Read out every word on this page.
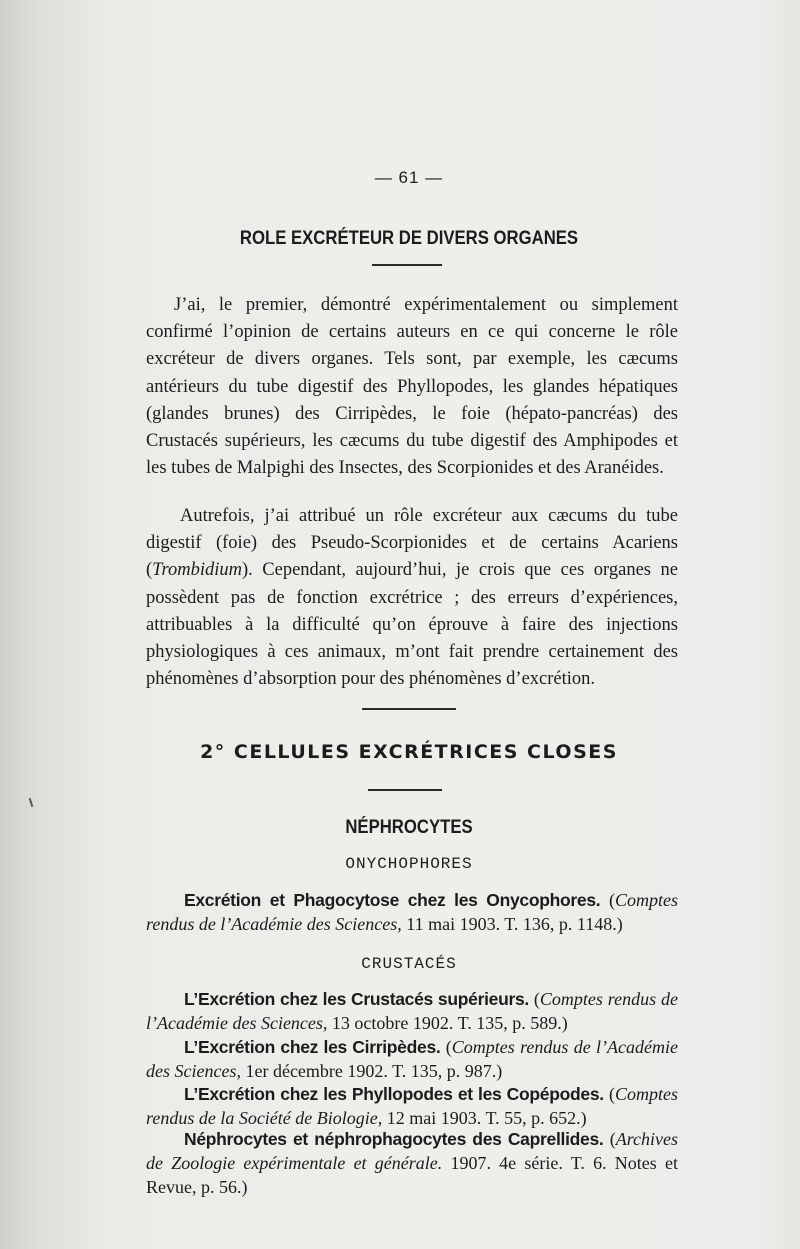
— 61 —
ROLE EXCRÉTEUR DE DIVERS ORGANES

J’ai, le premier, démontré expérimentalement ou simplement confirmé l’opinion de certains auteurs en ce qui concerne le rôle excréteur de divers organes. Tels sont, par exemple, les cæcums antérieurs du tube digestif des Phyllopodes, les glandes hépatiques (glandes brunes) des Cirripèdes, le foie (hépato-pancréas) des Crustacés supérieurs, les cæcums du tube digestif des Amphipodes et les tubes de Malpighi des Insectes, des Scorpionides et des Aranéides.

Autrefois, j’ai attribué un rôle excréteur aux cæcums du tube digestif (foie) des Pseudo-Scorpionides et de certains Acariens (Trombidium). Cependant, aujourd’hui, je crois que ces organes ne possèdent pas de fonction excrétrice ; des erreurs d’expériences, attribuables à la difficulté qu’on éprouve à faire des injections physiologiques à ces animaux, m’ont fait prendre certainement des phénomènes d’absorption pour des phénomènes d’excrétion.

2° CELLULES EXCRÉTRICES CLOSES
NÉPHROCYTES
ONYCHOPHORES

Excrétion et Phagocytose chez les Onycophores. (Comptes rendus de l’Académie des Sciences, 11 mai 1903. T. 136, p. 1148.)

CRUSTACÉS

L’Excrétion chez les Crustacés supérieurs. (Comptes rendus de l’Académie des Sciences, 13 octobre 1902. T. 135, p. 589.)

L’Excrétion chez les Cirripèdes. (Comptes rendus de l’Académie des Sciences, 1er décembre 1902. T. 135, p. 987.)

L’Excrétion chez les Phyllopodes et les Copépodes. (Comptes rendus de la Société de Biologie, 12 mai 1903. T. 55, p. 652.)

Néphrocytes et néphrophagocytes des Caprellides. (Archives de Zoologie expérimentale et générale. 1907. 4e série. T. 6. Notes et Revue, p. 56.)
